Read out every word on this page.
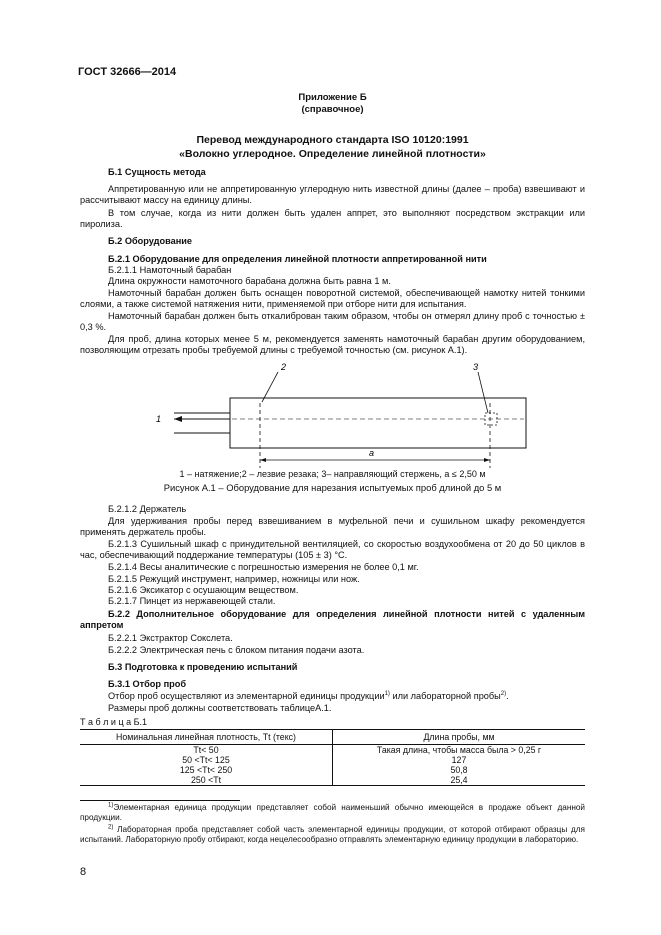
ГОСТ 32666—2014
Приложение Б
(справочное)
Перевод международного стандарта ISO 10120:1991
«Волокно углеродное. Определение линейной плотности»
Б.1 Сущность метода
Аппретированную или не аппретированную углеродную нить известной длины (далее – проба) взвешивают и рассчитывают массу на единицу длины.
В том случае, когда из нити должен быть удален аппрет, это выполняют посредством экстракции или пиролиза.
Б.2 Оборудование
Б.2.1 Оборудование для определения линейной плотности аппретированной нити
Б.2.1.1 Намоточный барабан
Длина окружности намоточного барабана должна быть равна 1 м.
Намоточный барабан должен быть оснащен поворотной системой, обеспечивающей намотку нитей тонкими слоями, а также системой натяжения нити, применяемой при отборе нити для испытания.
Намоточный барабан должен быть откалиброван таким образом, чтобы он отмерял длину проб с точностью ± 0,3 %.
Для проб, длина которых менее 5 м, рекомендуется заменять намоточный барабан другим оборудованием, позволяющим отрезать пробы требуемой длины с требуемой точностью (см. рисунок А.1).
2	3
1
a
1 – натяжение;2 – лезвие резака; 3– направляющий стержень, a ≤ 2,50 м
Рисунок А.1 – Оборудование для нарезания испытуемых проб длиной до 5 м
Б.2.1.2 Держатель
Для удерживания пробы перед взвешиванием в муфельной печи и сушильном шкафу рекомендуется применять держатель пробы.
Б.2.1.3 Сушильный шкаф с принудительной вентиляцией, со скоростью воздухообмена от 20 до 50 циклов в час, обеспечивающий поддержание температуры (105 ± 3) °С.
Б.2.1.4 Весы аналитические с погрешностью измерения не более 0,1 мг.
Б.2.1.5 Режущий инструмент, например, ножницы или нож.
Б.2.1.6 Эксикатор с осушающим веществом.
Б.2.1.7 Пинцет из нержавеющей стали.
Б.2.2 Дополнительное оборудование для определения линейной плотности нитей с удаленным аппретом
Б.2.2.1 Экстрактор Сокслета.
Б.2.2.2 Электрическая печь с блоком питания подачи азота.
Б.3 Подготовка к проведению испытаний
Б.3.1 Отбор проб
Отбор проб осуществляют из элементарной единицы продукции$^{1)}$ или лабораторной пробы$^{2)}$.
Размеры проб должны соответствовать таблицеА.1.
Т а б л и ц а Б.1
Номинальная линейная плотность, Tt (текс)	Длина пробы, мм
Tt< 50	Такая длина, чтобы масса была > 0,25 г
50 <Tt< 125	127
125 <Tt< 250	50,8
250 <Tt	25,4
$^{1)}$Элементарная единица продукции представляет собой наименьший обычно имеющейся в продаже объект данной продукции.
$^{2)}$ Лабораторная проба представляет собой часть элементарной единицы продукции, от которой отбирают образцы для испытаний. Лабораторную пробу отбирают, когда нецелесообразно отправлять элементарную единицу продукции в лабораторию.
8
